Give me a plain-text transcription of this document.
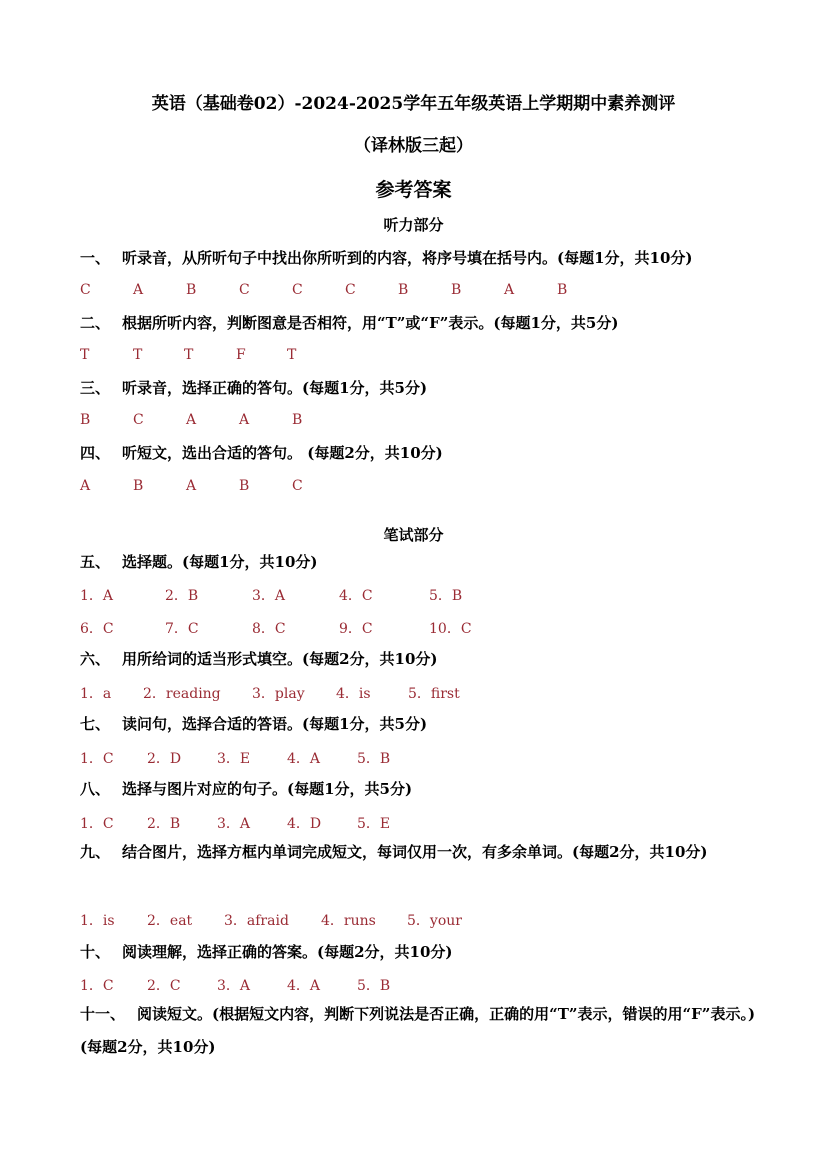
英语（基础卷02）-2024-2025学年五年级英语上学期期中素养测评
（译林版三起）
参考答案
听力部分
一、 听录音，从所听句子中找出你所听到的内容，将序号填在括号内。(每题1分，共10分)
C	A	B	C	C	C	B	B	A	B
二、 根据所听内容，判断图意是否相符，用“T”或“F”表示。(每题1分，共5分)
T	T	T	F	T
三、 听录音，选择正确的答句。(每题1分，共5分)
B	C	A	A	B
四、 听短文，选出合适的答句。 (每题2分，共10分)
A	B	A	B	C
笔试部分
五、 选择题。(每题1分，共10分)
1．A	2．B	3．A	4．C	5．B
6．C	7．C	8．C	9．C	10．C
六、 用所给词的适当形式填空。(每题2分，共10分)
1．a 2．reading 3．play 4．is	5．first
七、 读问句，选择合适的答语。(每题1分，共5分)
1．C 2．D	3．E	4．A	5．B
八、 选择与图片对应的句子。(每题1分，共5分)
1．C 2．B	3．A	4．D	5．E
九、 结合图片，选择方框内单词完成短文，每词仅用一次，有多余单词。(每题2分，共10分)
1．is 2．eat 3．afraid 4．runs 5．your
十、 阅读理解，选择正确的答案。(每题2分，共10分)
1．C 2．C	3．A	4．A	5．B
十一、 阅读短文。(根据短文内容，判断下列说法是否正确，正确的用“T”表示，错误的用“F”表示。) (每题2分，共10分)
